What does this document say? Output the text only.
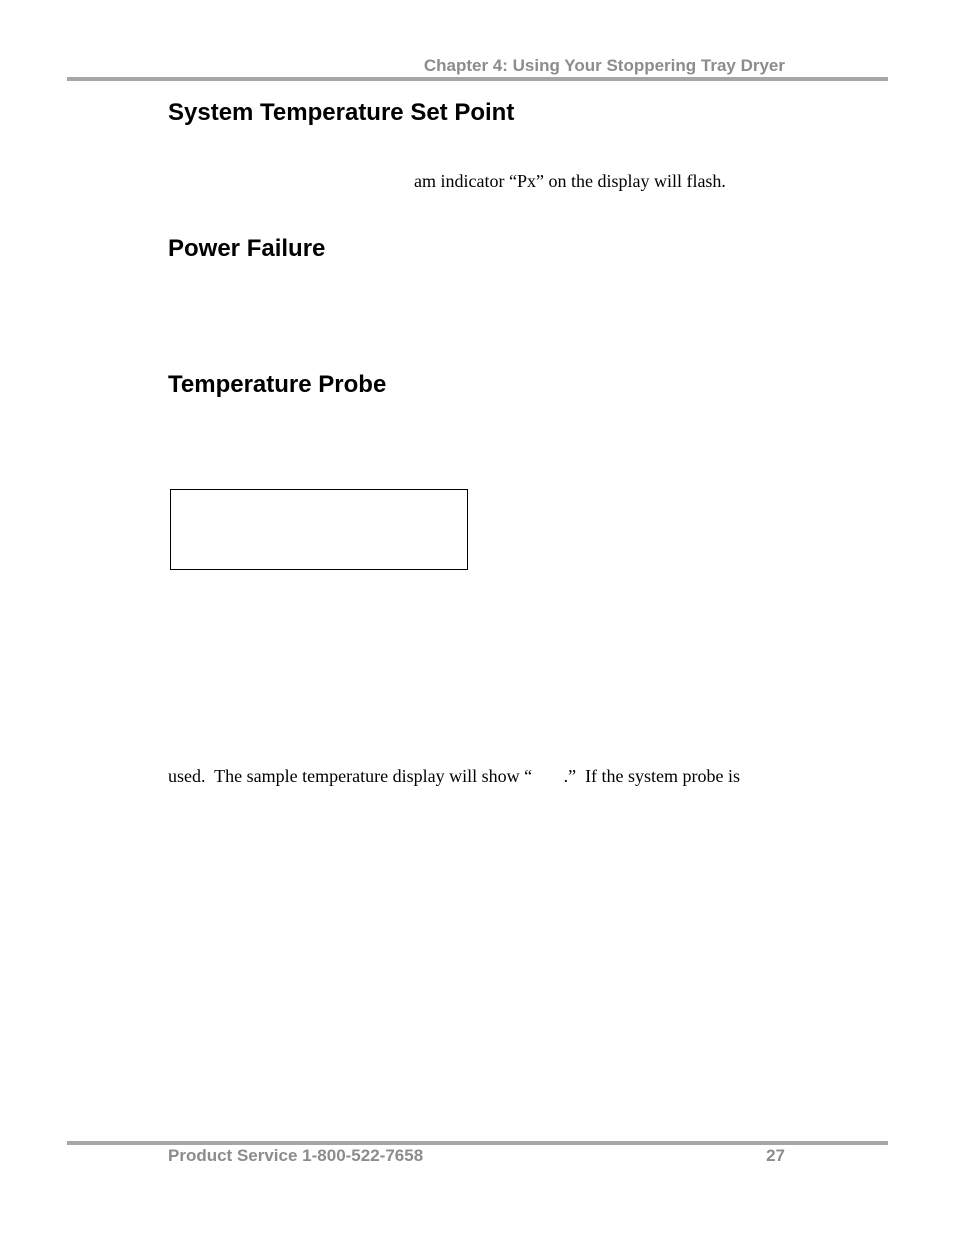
Chapter 4: Using Your Stoppering Tray Dryer
System Temperature Set Point

am indicator “Px” on the display will flash.

Power Failure
Temperature Probe

used.  The sample temperature display will show “       .”  If the system probe is

Product Service 1-800-522-7658	27
